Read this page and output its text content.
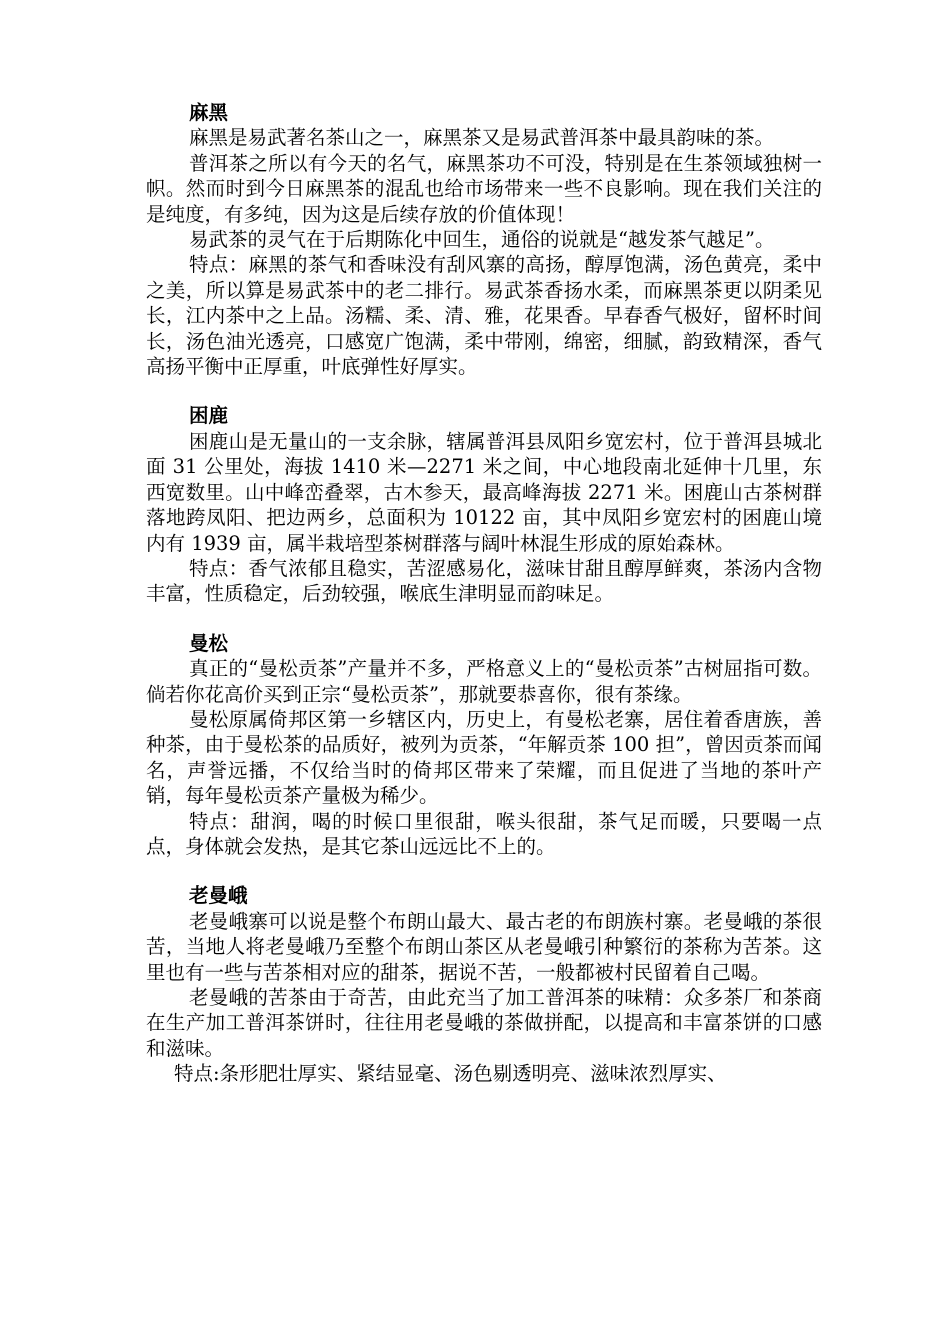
麻黑

麻黑是易武著名茶山之一，麻黑茶又是易武普洱茶中最具韵味的茶。

普洱茶之所以有今天的名气，麻黑茶功不可没，特别是在生茶领域独树一帜。然而时到今日麻黑茶的混乱也给市场带来一些不良影响。现在我们关注的是纯度，有多纯，因为这是后续存放的价值体现！

易武茶的灵气在于后期陈化中回生，通俗的说就是“越发茶气越足”。

特点：麻黑的茶气和香味没有刮风寨的高扬，醇厚饱满，汤色黄亮，柔中之美，所以算是易武茶中的老二排行。易武茶香扬水柔，而麻黑茶更以阴柔见长，江内茶中之上品。汤糯、柔、清、雅，花果香。早春香气极好，留杯时间长，汤色油光透亮，口感宽广饱满，柔中带刚，绵密，细腻，韵致精深，香气高扬平衡中正厚重，叶底弹性好厚实。

困鹿

困鹿山是无量山的一支余脉，辖属普洱县凤阳乡宽宏村，位于普洱县城北面 31 公里处，海拔 1410 米—2271 米之间，中心地段南北延伸十几里，东西宽数里。山中峰峦叠翠，古木参天，最高峰海拔 2271 米。困鹿山古茶树群落地跨凤阳、把边两乡，总面积为 10122 亩，其中凤阳乡宽宏村的困鹿山境内有 1939 亩，属半栽培型茶树群落与阔叶林混生形成的原始森林。

特点：香气浓郁且稳实，苦涩感易化，滋味甘甜且醇厚鲜爽，茶汤内含物丰富，性质稳定，后劲较强，喉底生津明显而韵味足。

曼松

真正的“曼松贡茶”产量并不多，严格意义上的“曼松贡茶”古树屈指可数。倘若你花高价买到正宗“曼松贡茶”，那就要恭喜你，很有茶缘。

曼松原属倚邦区第一乡辖区内，历史上，有曼松老寨，居住着香唐族，善种茶，由于曼松茶的品质好，被列为贡茶，“年解贡茶 100 担”，曾因贡茶而闻名，声誉远播，不仅给当时的倚邦区带来了荣耀，而且促进了当地的茶叶产销，每年曼松贡茶产量极为稀少。

特点：甜润，喝的时候口里很甜，喉头很甜，茶气足而暖，只要喝一点点，身体就会发热，是其它茶山远远比不上的。

老曼峨

老曼峨寨可以说是整个布朗山最大、最古老的布朗族村寨。老曼峨的茶很苦，当地人将老曼峨乃至整个布朗山茶区从老曼峨引种繁衍的茶称为苦茶。这里也有一些与苦茶相对应的甜茶，据说不苦，一般都被村民留着自己喝。

老曼峨的苦茶由于奇苦，由此充当了加工普洱茶的味精：众多茶厂和茶商在生产加工普洱茶饼时，往往用老曼峨的茶做拼配，以提高和丰富茶饼的口感和滋味。

特点:条形肥壮厚实、紧结显毫、汤色剔透明亮、滋味浓烈厚实、
